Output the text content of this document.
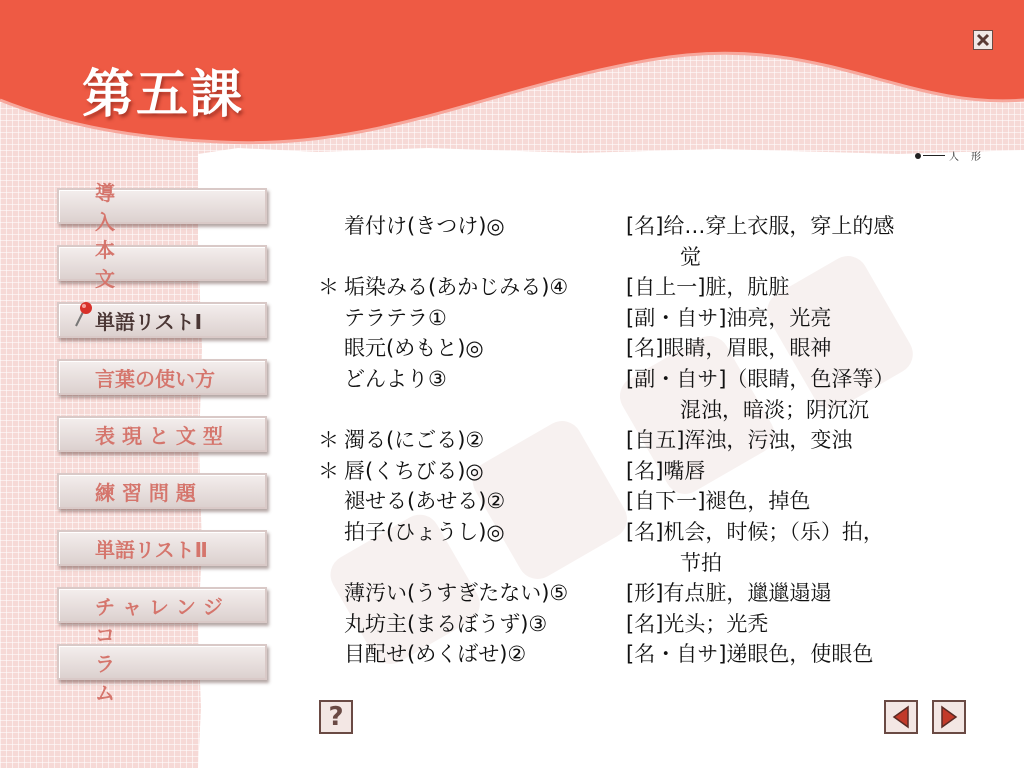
第五課
人　形
導
入
本
文
単語リストⅠ
言葉の使い方
表 現 と 文 型
練 習 問 題
単語リストⅡ
チ ャ レ ン ジ
コ
ラ
ム
着付け(きつけ)◎	[名]给…穿上衣服，穿上的感
觉
＊ 垢染みる(あかじみる)④	[自上一]脏，肮脏
テラテラ①	[副・自サ]油亮，光亮
眼元(めもと)◎	[名]眼睛，眉眼，眼神
どんより③	[副・自サ]（眼睛，色泽等）
混浊，暗淡；阴沉沉
＊ 濁る(にごる)②	[自五]浑浊，污浊，变浊
＊ 唇(くちびる)◎	[名]嘴唇
褪せる(あせる)②	[自下一]褪色，掉色
拍子(ひょうし)◎	[名]机会，时候；（乐）拍，
节拍
薄汚い(うすぎたない)⑤	[形]有点脏，邋邋遢遢
丸坊主(まるぼうず)③	[名]光头；光秃
目配せ(めくばせ)②	[名・自サ]递眼色，使眼色
?
